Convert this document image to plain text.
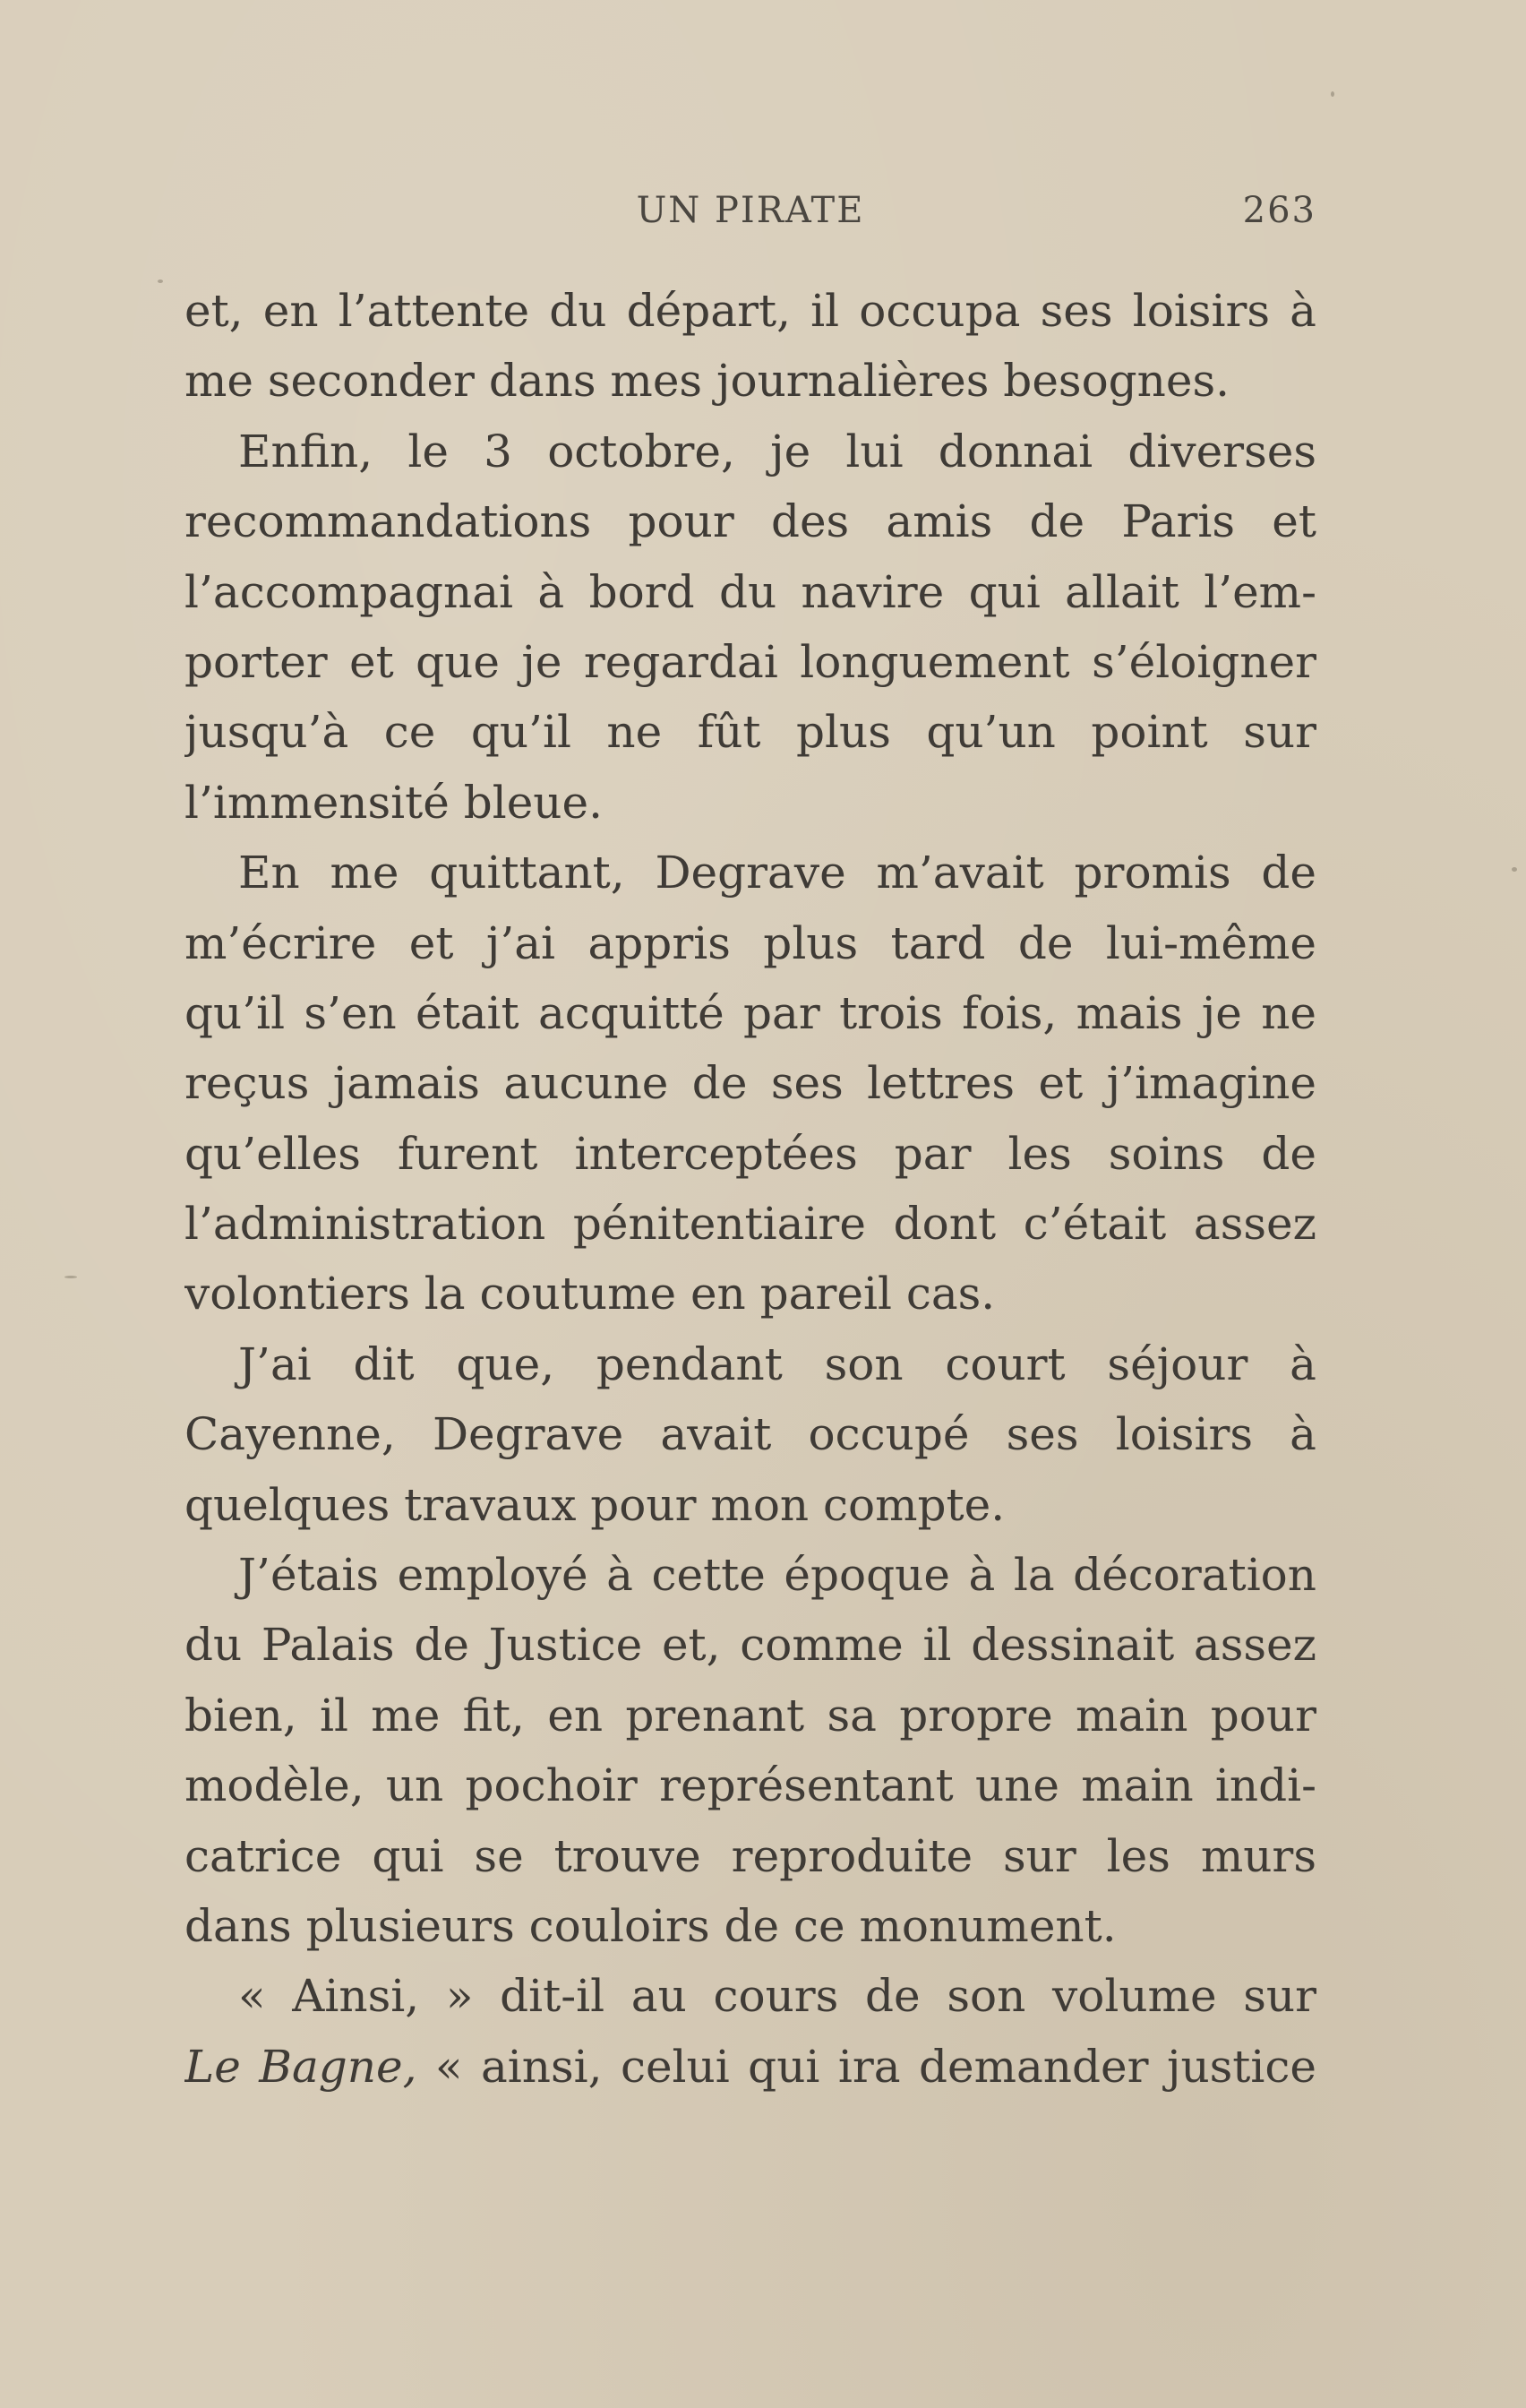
UN PIRATE	263
et, en l’attente du départ, il occupa ses loisirs à
me seconder dans mes journalières besognes.
Enfin, le 3 octobre, je lui donnai diverses
recommandations pour des amis de Paris et
l’accompagnai à bord du navire qui allait l’em-
porter et que je regardai longuement s’éloigner
jusqu’à ce qu’il ne fût plus qu’un point sur
l’immensité bleue.
En me quittant, Degrave m’avait promis de
m’écrire et j’ai appris plus tard de lui-même
qu’il s’en était acquitté par trois fois, mais je ne
reçus jamais aucune de ses lettres et j’imagine
qu’elles furent interceptées par les soins de
l’administration pénitentiaire dont c’était assez
volontiers la coutume en pareil cas.
J’ai dit que, pendant son court séjour à
Cayenne, Degrave avait occupé ses loisirs à
quelques travaux pour mon compte.
J’étais employé à cette époque à la décoration
du Palais de Justice et, comme il dessinait assez
bien, il me fit, en prenant sa propre main pour
modèle, un pochoir représentant une main indi-
catrice qui se trouve reproduite sur les murs
dans plusieurs couloirs de ce monument.
« Ainsi, » dit-il au cours de son volume sur
Le Bagne, « ainsi, celui qui ira demander justice
